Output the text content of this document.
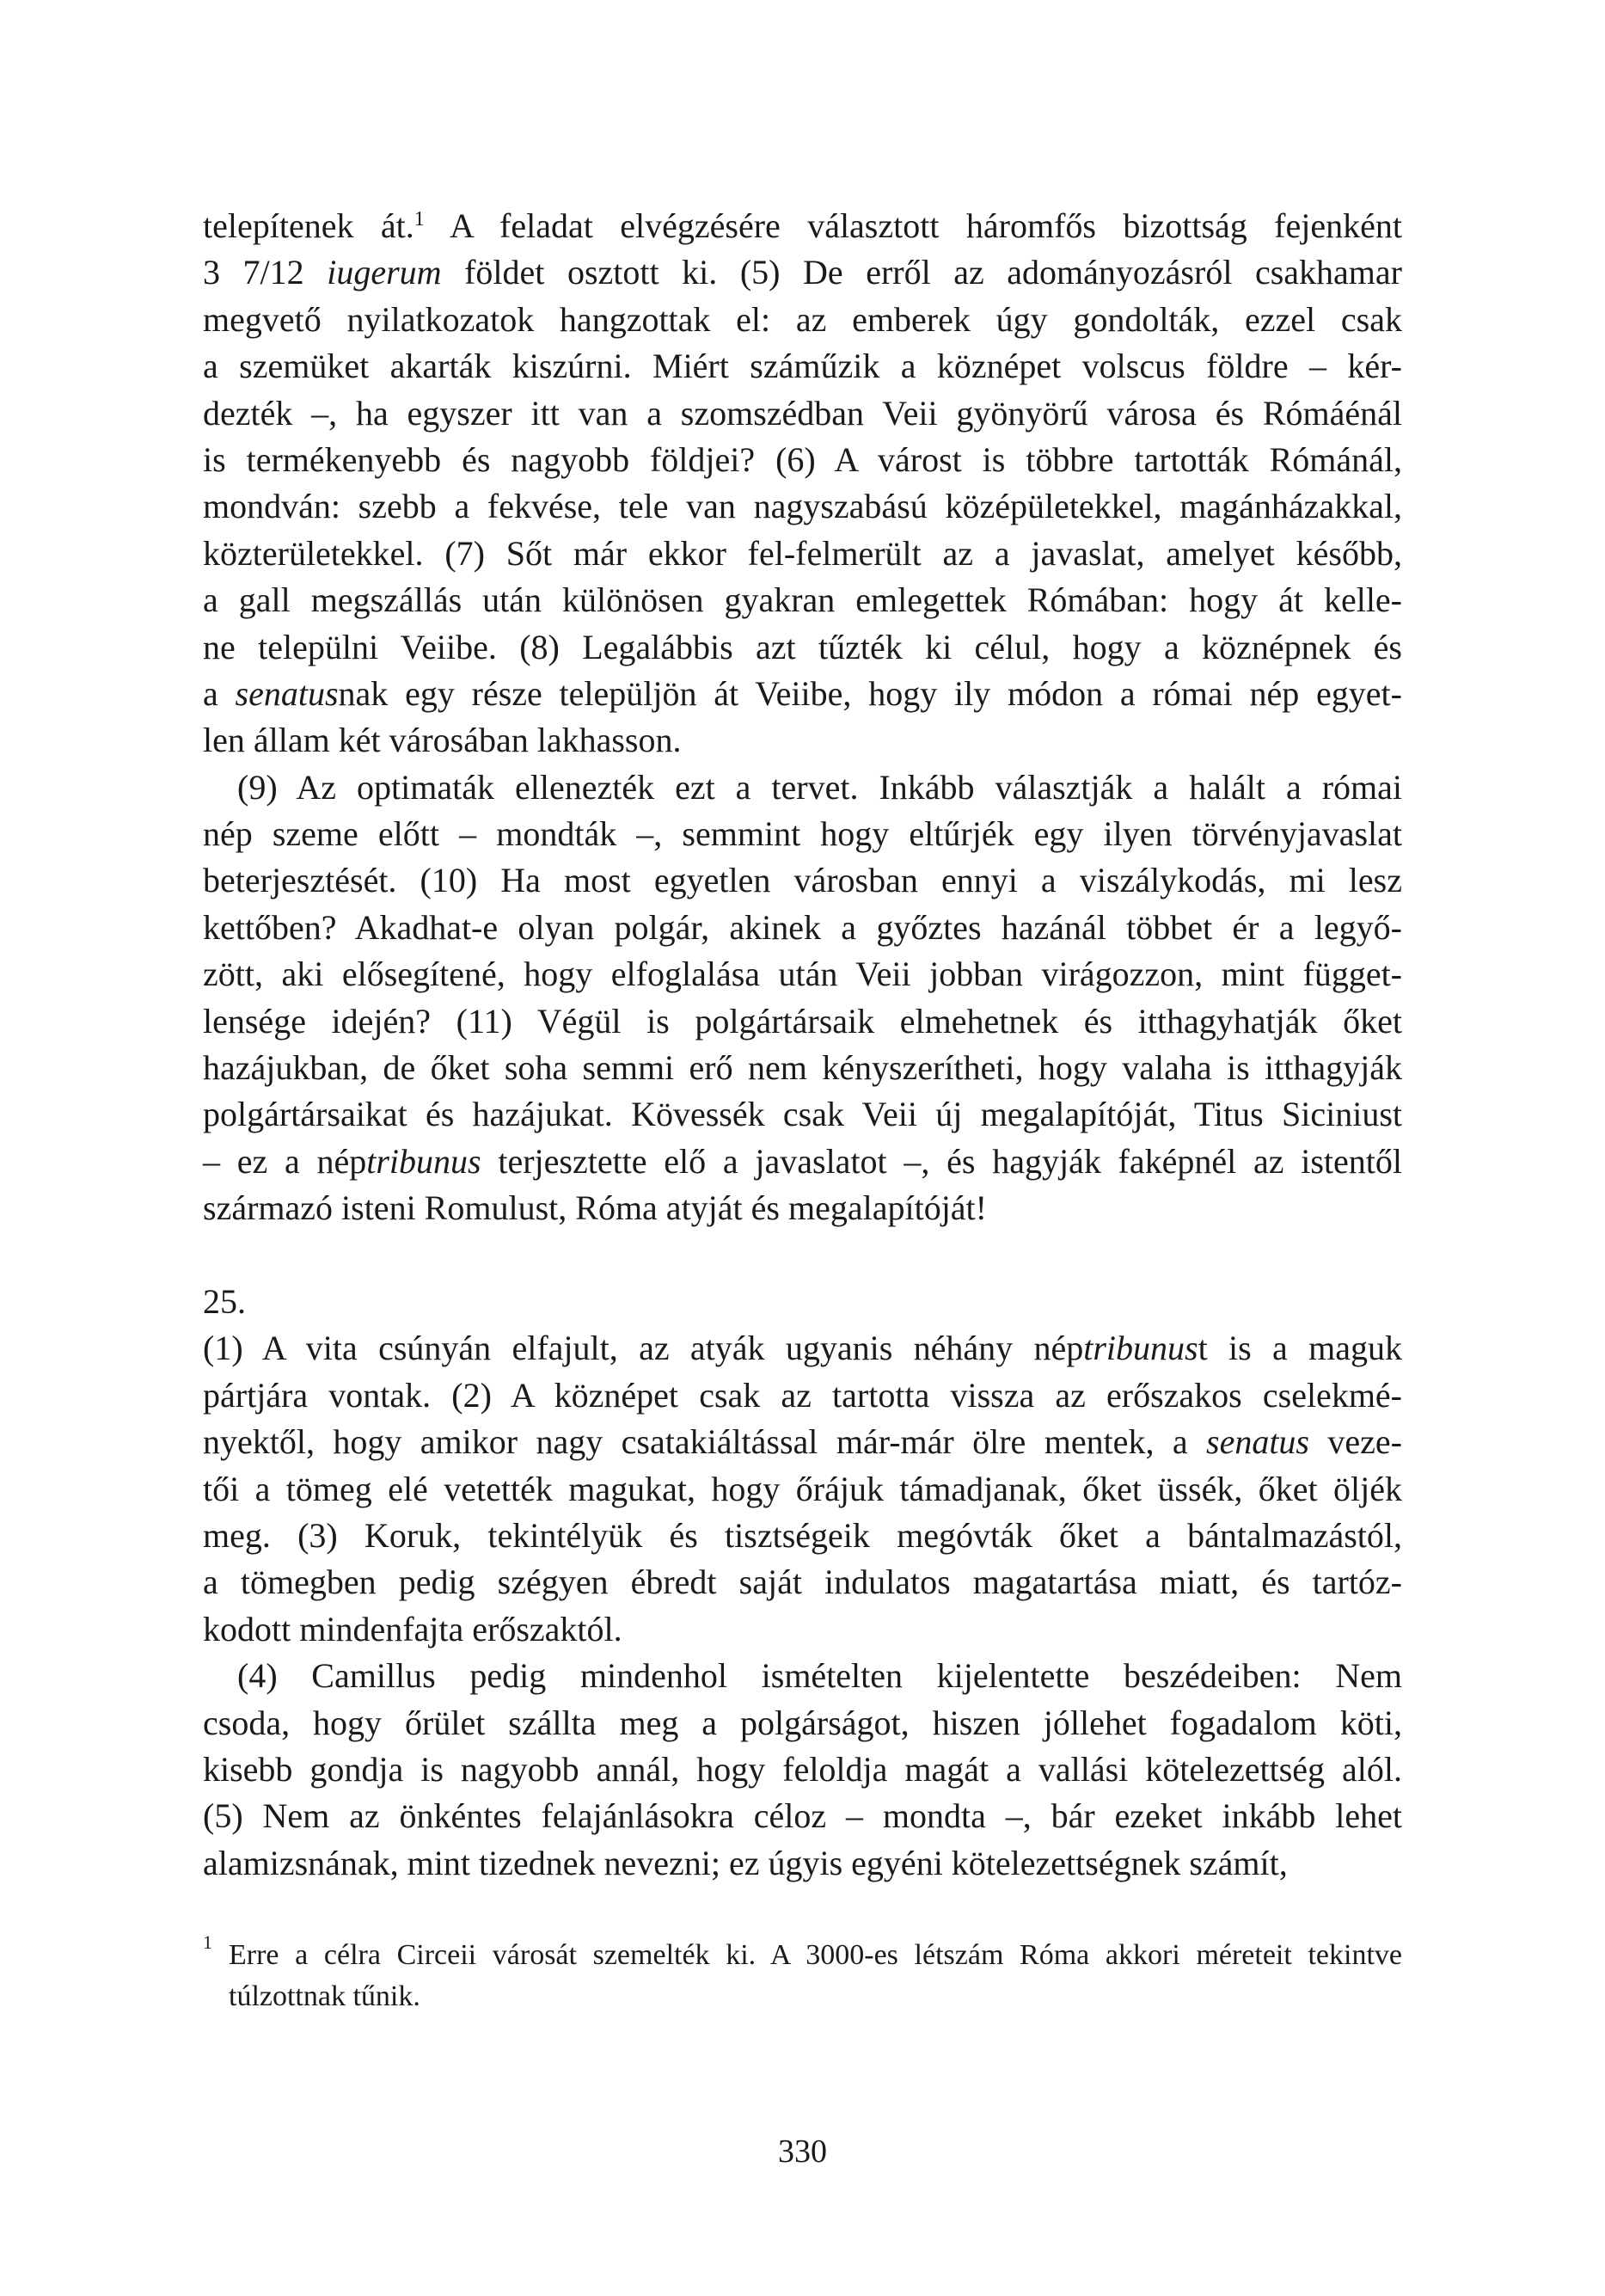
telepítenek át.$^1$ A feladat elvégzésére választott háromfős bizottság fejenként
3 7/12 iugerum földet osztott ki. (5) De erről az adományozásról csakhamar
megvető nyilatkozatok hangzottak el: az emberek úgy gondolták, ezzel csak
a szemüket akarták kiszúrni. Miért száműzik a köznépet volscus földre – kér-
dezték –, ha egyszer itt van a szomszédban Veii gyönyörű városa és Rómáénál
is termékenyebb és nagyobb földjei? (6) A várost is többre tartották Rómánál,
mondván: szebb a fekvése, tele van nagyszabású középületekkel, magánházakkal,
közterületekkel. (7) Sőt már ekkor fel-felmerült az a javaslat, amelyet később,
a gall megszállás után különösen gyakran emlegettek Rómában: hogy át kelle-
ne települni Veiibe. (8) Legalábbis azt tűzték ki célul, hogy a köznépnek és
a senatusnak egy része települjön át Veiibe, hogy ily módon a római nép egyet-
len állam két városában lakhasson.
(9) Az optimaták ellenezték ezt a tervet. Inkább választják a halált a római
nép szeme előtt – mondták –, semmint hogy eltűrjék egy ilyen törvényjavaslat
beterjesztését. (10) Ha most egyetlen városban ennyi a viszálykodás, mi lesz
kettőben? Akadhat-e olyan polgár, akinek a győztes hazánál többet ér a legyő-
zött, aki elősegítené, hogy elfoglalása után Veii jobban virágozzon, mint függet-
lensége idején? (11) Végül is polgártársaik elmehetnek és itthagyhatják őket
hazájukban, de őket soha semmi erő nem kényszerítheti, hogy valaha is itthagyják
polgártársaikat és hazájukat. Kövessék csak Veii új megalapítóját, Titus Siciniust
– ez a néptribunus terjesztette elő a javaslatot –, és hagyják faképnél az istentől
származó isteni Romulust, Róma atyját és megalapítóját!
25.
(1) A vita csúnyán elfajult, az atyák ugyanis néhány néptribunust is a maguk
pártjára vontak. (2) A köznépet csak az tartotta vissza az erőszakos cselekmé-
nyektől, hogy amikor nagy csatakiáltással már-már ölre mentek, a senatus veze-
tői a tömeg elé vetették magukat, hogy őrájuk támadjanak, őket üssék, őket öljék
meg. (3) Koruk, tekintélyük és tisztségeik megóvták őket a bántalmazástól,
a tömegben pedig szégyen ébredt saját indulatos magatartása miatt, és tartóz-
kodott mindenfajta erőszaktól.
(4) Camillus pedig mindenhol ismételten kijelentette beszédeiben: Nem
csoda, hogy őrület szállta meg a polgárságot, hiszen jóllehet fogadalom köti,
kisebb gondja is nagyobb annál, hogy feloldja magát a vallási kötelezettség alól.
(5) Nem az önkéntes felajánlásokra céloz – mondta –, bár ezeket inkább lehet
alamizsnának, mint tizednek nevezni; ez úgyis egyéni kötelezettségnek számít,
1 Erre a célra Circeii városát szemelték ki. A 3000-es létszám Róma akkori méreteit tekintve
túlzottnak tűnik.
330
